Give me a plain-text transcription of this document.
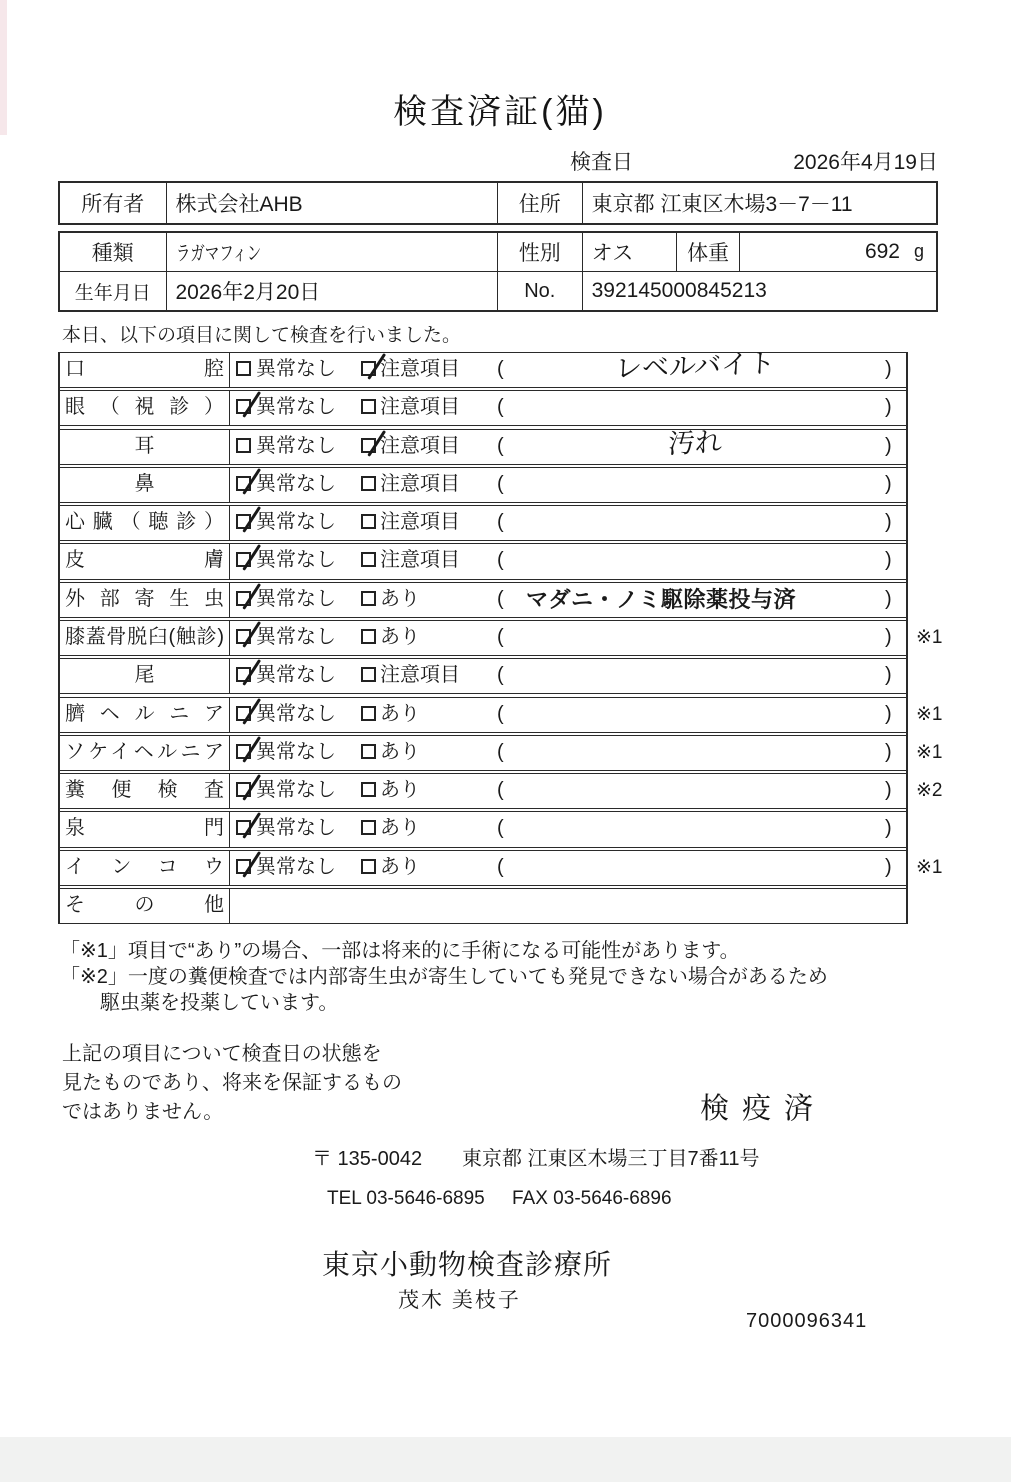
検査済証(猫)
検査日	2026年4月19日
所有者	株式会社AHB	住所	東京都 江東区木場3－7－11
種類	ラガマフィン	性別	オス	体重	692 g
生年月日	2026年2月20日	No.	392145000845213
本日、以下の項目に関して検査を行いました。
口腔	異常なし 注意項目 (	レベルバイト	)
眼（視診）	異常なし 注意項目 (	)
耳	異常なし 注意項目 (	汚れ	)
鼻	異常なし 注意項目 (	)
心臓（聴診）	異常なし 注意項目 (	)
皮膚	異常なし 注意項目 (	)
外部寄生虫	異常なし あり	( マダニ・ノミ駆除薬投与済	)
膝蓋骨脱臼(触診)	異常なし あり	(	) ※1
尾	異常なし 注意項目 (	)
臍ヘルニア	異常なし あり	(	) ※1
ソケイヘルニア	異常なし あり	(	) ※1
糞便検査	異常なし あり	(	) ※2
泉門	異常なし あり	(	)
インコウ	異常なし あり	(	) ※1
その他
「※1」項目で“あり”の場合、一部は将来的に手術になる可能性があります。
「※2」一度の糞便検査では内部寄生虫が寄生していても発見できない場合があるため
駆虫薬を投薬しています。
上記の項目について検査日の状態を
見たものであり、将来を保証するもの
ではありません。	検疫済
〒 135-0042 東京都 江東区木場三丁目7番11号
TEL 03-5646-6895 FAX 03-5646-6896
東京小動物検査診療所
茂木 美枝子
7000096341
